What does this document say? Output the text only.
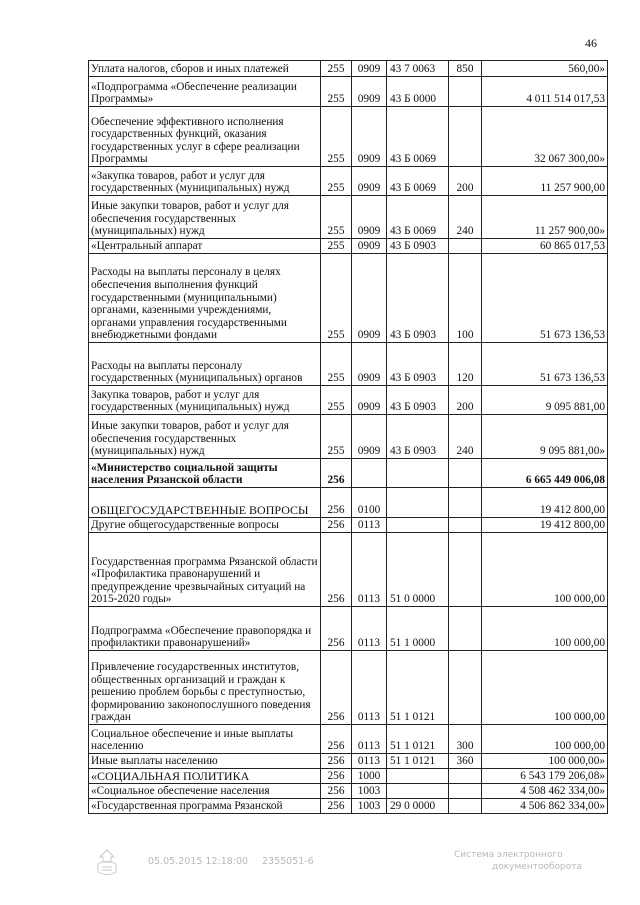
46
Уплата налогов, сборов и иных платежей	255	0909	43 7 0063	850	560,00»
«Подпрограмма «Обеспечение реализации Программы»	255	0909	43 Б 0000		4 011 514 017,53
Обеспечение эффективного исполнения государственных функций, оказания государственных услуг в сфере реализации Программы	255	0909	43 Б 0069		32 067 300,00»
«Закупка товаров, работ и услуг для государственных (муниципальных) нужд	255	0909	43 Б 0069	200	11 257 900,00
Иные закупки товаров, работ и услуг для обеспечения государственных (муниципальных) нужд	255	0909	43 Б 0069	240	11 257 900,00»
«Центральный аппарат	255	0909	43 Б 0903		60 865 017,53
Расходы на выплаты персоналу в целях обеспечения выполнения функций государственными (муниципальными) органами, казенными учреждениями, органами управления государственными внебюджетными фондами	255	0909	43 Б 0903	100	51 673 136,53
Расходы на выплаты персоналу государственных (муниципальных) органов	255	0909	43 Б 0903	120	51 673 136,53
Закупка товаров, работ и услуг для государственных (муниципальных) нужд	255	0909	43 Б 0903	200	9 095 881,00
Иные закупки товаров, работ и услуг для обеспечения государственных (муниципальных) нужд	255	0909	43 Б 0903	240	9 095 881,00»
«Министерство социальной защиты населения Рязанской области	256				6 665 449 006,08
ОБЩЕГОСУДАРСТВЕННЫЕ ВОПРОСЫ	256	0100			19 412 800,00
Другие общегосударственные вопросы	256	0113			19 412 800,00
Государственная программа Рязанской области «Профилактика правонарушений и предупреждение чрезвычайных ситуаций на 2015-2020 годы»	256	0113	51 0 0000		100 000,00
Подпрограмма «Обеспечение правопорядка и профилактики правонарушений»	256	0113	51 1 0000		100 000,00
Привлечение государственных институтов, общественных организаций и граждан к решению проблем борьбы с преступностью, формированию законопослушного поведения граждан	256	0113	51 1 0121		100 000,00
Социальное обеспечение и иные выплаты населению	256	0113	51 1 0121	300	100 000,00
Иные выплаты населению	256	0113	51 1 0121	360	100 000,00»
«СОЦИАЛЬНАЯ ПОЛИТИКА	256	1000			6 543 179 206,08»
«Социальное обеспечение населения	256	1003			4 508 462 334,00»
«Государственная программа Рязанской	256	1003	29 0 0000		4 506 862 334,00»
05.05.2015 12:18:00 2355051-6
Система электронного
документооборота
